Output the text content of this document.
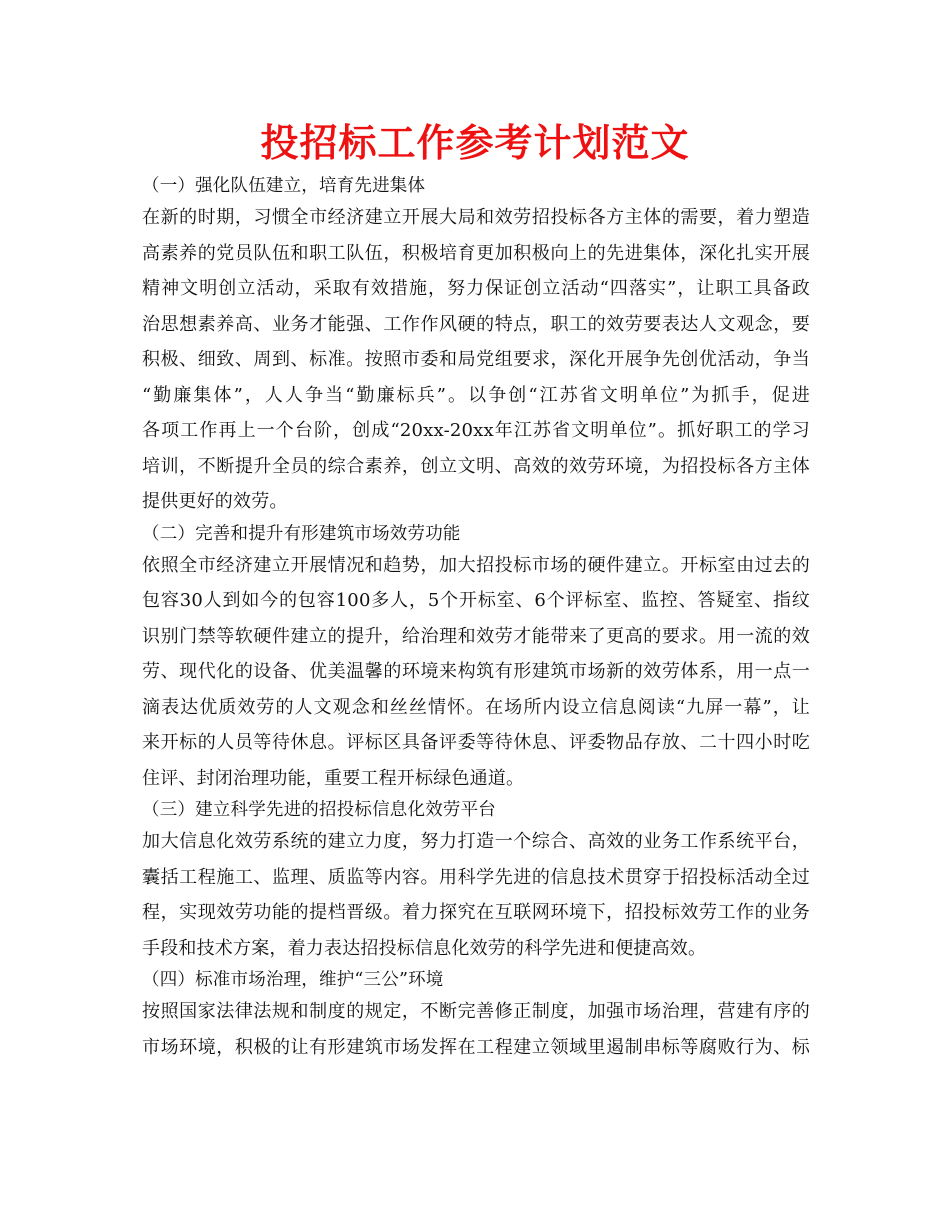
投招标工作参考计划范文
（一）强化队伍建立，培育先进集体
在新的时期，习惯全市经济建立开展大局和效劳招投标各方主体的需要，着力塑造
高素养的党员队伍和职工队伍，积极培育更加积极向上的先进集体，深化扎实开展
精神文明创立活动，采取有效措施，努力保证创立活动“四落实”，让职工具备政
治思想素养高、业务才能强、工作作风硬的特点，职工的效劳要表达人文观念，要
积极、细致、周到、标准。按照市委和局党组要求，深化开展争先创优活动，争当
“勤廉集体”，人人争当“勤廉标兵”。以争创“江苏省文明单位”为抓手，促进
各项工作再上一个台阶，创成“20xx-20xx年江苏省文明单位”。抓好职工的学习
培训，不断提升全员的综合素养，创立文明、高效的效劳环境，为招投标各方主体
提供更好的效劳。
（二）完善和提升有形建筑市场效劳功能
依照全市经济建立开展情况和趋势，加大招投标市场的硬件建立。开标室由过去的
包容30人到如今的包容100多人，5个开标室、6个评标室、监控、答疑室、指纹
识别门禁等软硬件建立的提升，给治理和效劳才能带来了更高的要求。用一流的效
劳、现代化的设备、优美温馨的环境来构筑有形建筑市场新的效劳体系，用一点一
滴表达优质效劳的人文观念和丝丝情怀。在场所内设立信息阅读“九屏一幕”，让
来开标的人员等待休息。评标区具备评委等待休息、评委物品存放、二十四小时吃
住评、封闭治理功能，重要工程开标绿色通道。
（三）建立科学先进的招投标信息化效劳平台
加大信息化效劳系统的建立力度，努力打造一个综合、高效的业务工作系统平台，
囊括工程施工、监理、质监等内容。用科学先进的信息技术贯穿于招投标活动全过
程，实现效劳功能的提档晋级。着力探究在互联网环境下，招投标效劳工作的业务
手段和技术方案，着力表达招投标信息化效劳的科学先进和便捷高效。
（四）标准市场治理，维护“三公”环境
按照国家法律法规和制度的规定，不断完善修正制度，加强市场治理，营建有序的
市场环境，积极的让有形建筑市场发挥在工程建立领域里遏制串标等腐败行为、标
